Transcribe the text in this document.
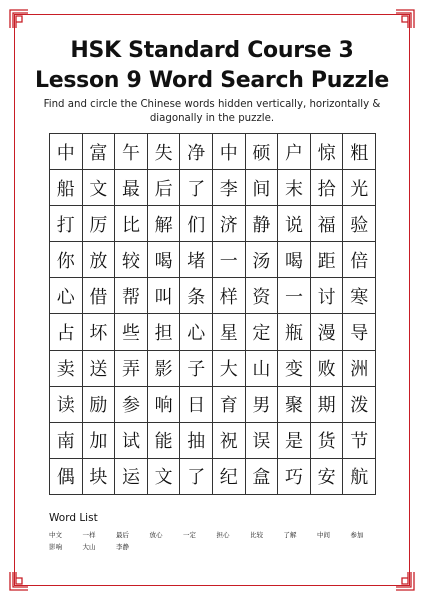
HSK Standard Course 3
Lesson 9 Word Search Puzzle
Find and circle the Chinese words hidden vertically, horizontally & diagonally in the puzzle.
中 富 午 失 净 中 硕 户 惊 粗
船 文 最 后 了 李 间 末 拾 光
打 厉 比 解 们 济 静 说 福 验
你 放 较 喝 堵 一 汤 喝 距 倍
心 借 帮 叫 条 样 资 一 讨 寒
占 坏 些 担 心 星 定 瓶 漫 导
卖 送 弄 影 子 大 山 变 败 洲
读 励 参 响 日 育 男 聚 期 泼
南 加 试 能 抽 祝 误 是 货 节
偶 块 运 文 了 纪 盒 巧 安 航
Word List
中文	一样	最后	放心	一定	担心	比较	了解	中间	参加
影响	大山	李静
